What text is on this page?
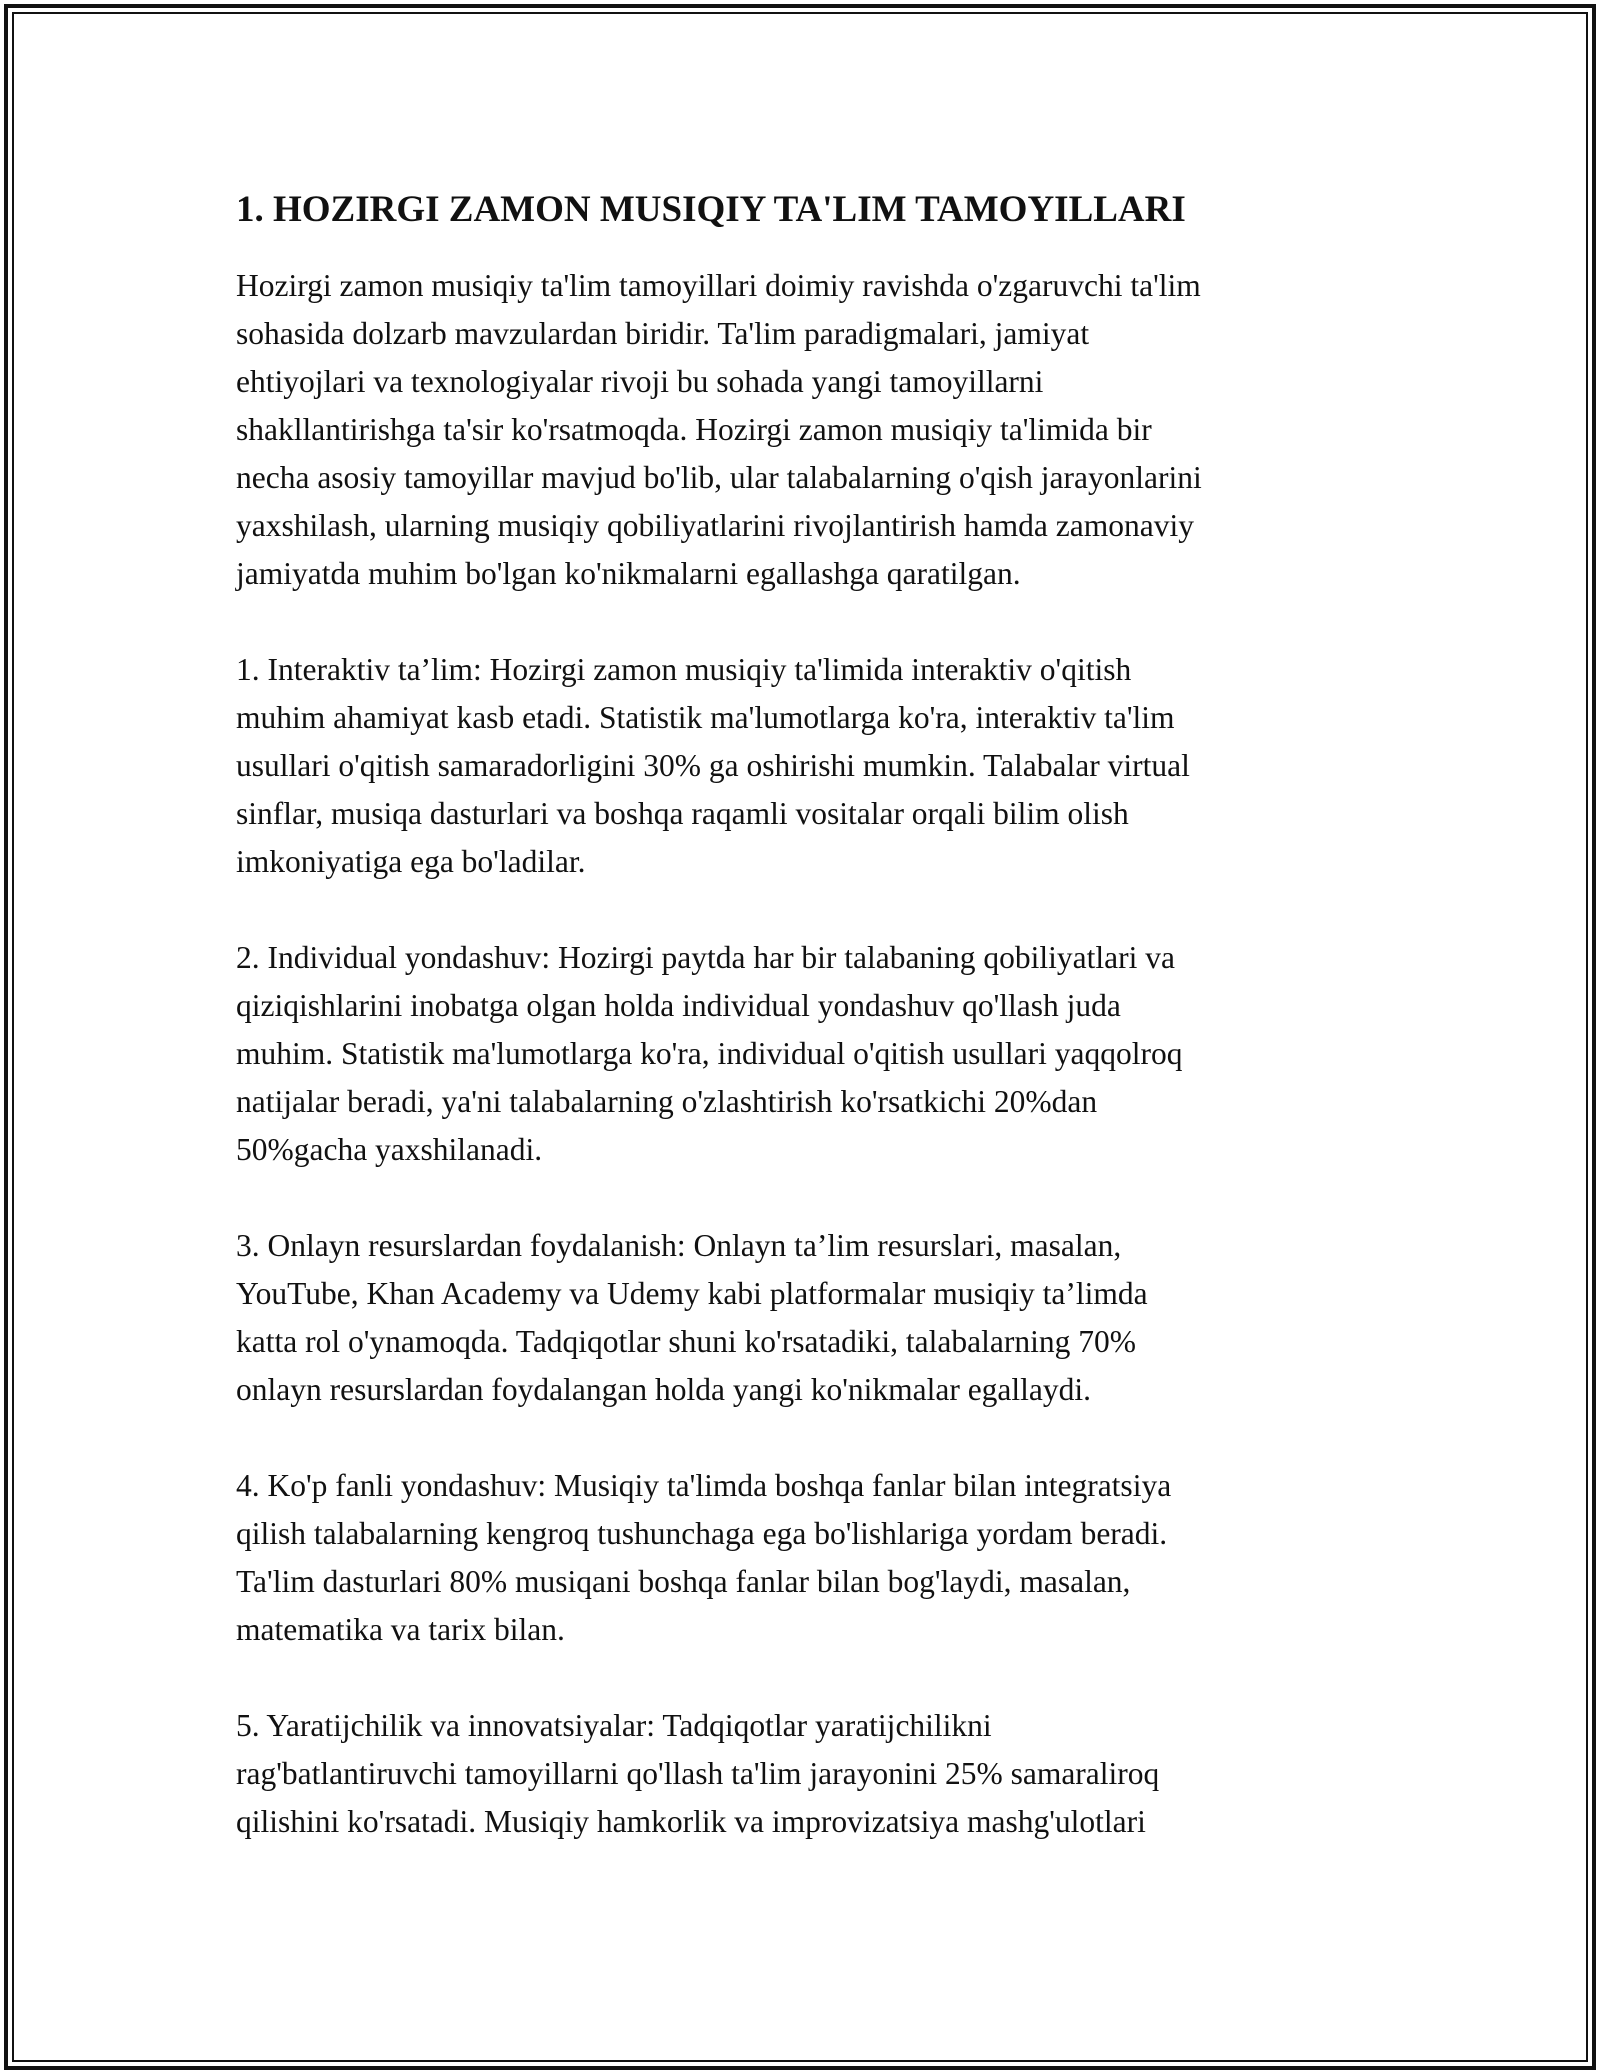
1. HOZIRGI ZAMON MUSIQIY TA'LIM TAMOYILLARI

Hozirgi zamon musiqiy ta'lim tamoyillari doimiy ravishda o'zgaruvchi ta'lim
sohasida dolzarb mavzulardan biridir. Ta'lim paradigmalari, jamiyat
ehtiyojlari va texnologiyalar rivoji bu sohada yangi tamoyillarni
shakllantirishga ta'sir ko'rsatmoqda. Hozirgi zamon musiqiy ta'limida bir
necha asosiy tamoyillar mavjud bo'lib, ular talabalarning o'qish jarayonlarini
yaxshilash, ularning musiqiy qobiliyatlarini rivojlantirish hamda zamonaviy
jamiyatda muhim bo'lgan ko'nikmalarni egallashga qaratilgan.

1. Interaktiv ta’lim: Hozirgi zamon musiqiy ta'limida interaktiv o'qitish
muhim ahamiyat kasb etadi. Statistik ma'lumotlarga ko'ra, interaktiv ta'lim
usullari o'qitish samaradorligini 30% ga oshirishi mumkin. Talabalar virtual
sinflar, musiqa dasturlari va boshqa raqamli vositalar orqali bilim olish
imkoniyatiga ega bo'ladilar.

2. Individual yondashuv: Hozirgi paytda har bir talabaning qobiliyatlari va
qiziqishlarini inobatga olgan holda individual yondashuv qo'llash juda
muhim. Statistik ma'lumotlarga ko'ra, individual o'qitish usullari yaqqolroq
natijalar beradi, ya'ni talabalarning o'zlashtirish ko'rsatkichi 20%dan
50%gacha yaxshilanadi.

3. Onlayn resurslardan foydalanish: Onlayn ta’lim resurslari, masalan,
YouTube, Khan Academy va Udemy kabi platformalar musiqiy ta’limda
katta rol o'ynamoqda. Tadqiqotlar shuni ko'rsatadiki, talabalarning 70%
onlayn resurslardan foydalangan holda yangi ko'nikmalar egallaydi.

4. Ko'p fanli yondashuv: Musiqiy ta'limda boshqa fanlar bilan integratsiya
qilish talabalarning kengroq tushunchaga ega bo'lishlariga yordam beradi.
Ta'lim dasturlari 80% musiqani boshqa fanlar bilan bog'laydi, masalan,
matematika va tarix bilan.

5. Yaratijchilik va innovatsiyalar: Tadqiqotlar yaratijchilikni
rag'batlantiruvchi tamoyillarni qo'llash ta'lim jarayonini 25% samaraliroq
qilishini ko'rsatadi. Musiqiy hamkorlik va improvizatsiya mashg'ulotlari
